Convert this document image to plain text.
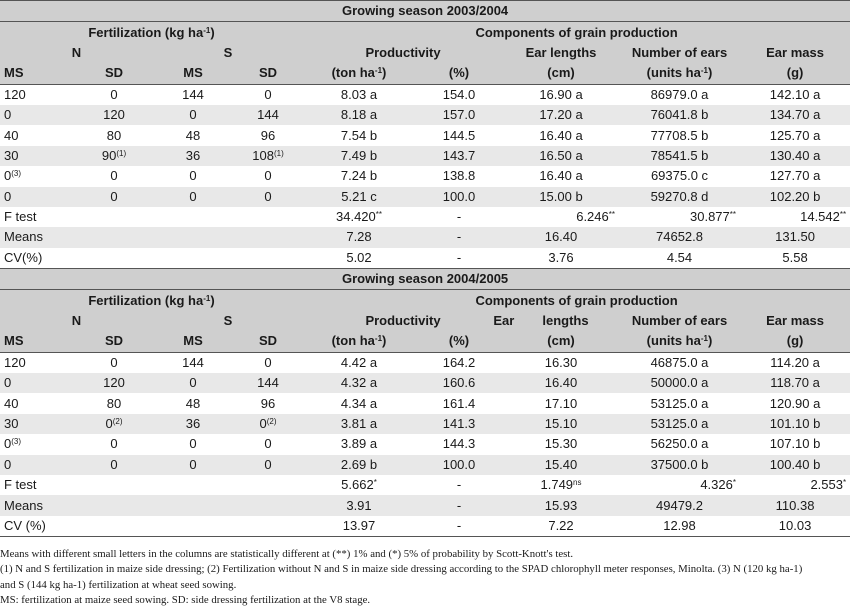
Growing season 2003/2004								
Fertilization (kg $ha^{-1}$)				Components of grain production				
N		S		Productivity		Ear lengths	Number of ears	Ear mass
MS	SD	MS	SD	(ton $ha^{-1}$)	(%)	(cm)	(units $ha^{-1}$)	(g)
120	0	144	0	8.03 a	154.0	16.90 a	86979.0 a	142.10 a
0	120	0	144	8.18 a	157.0	17.20 a	76041.8 b	134.70 a
40	80	48	96	7.54 b	144.5	16.40 a	77708.5 b	125.70 a
30	90$^{(1)}$	36	108$^{(1)}$	7.49 b	143.7	16.50 a	78541.5 b	130.40 a
0$^{(3)}$	0	0	0	7.24 b	138.8	16.40 a	69375.0 c	127.70 a
0	0	0	0	5.21 c	100.0	15.00 b	59270.8 d	102.20 b
F test				34.420**	-	6.246**	30.877**	14.542**
Means				7.28	-	16.40	74652.8	131.50
CV(%)				5.02	-	3.76	4.54	5.58
Growing season 2004/2005								
Fertilization (kg $ha^{-1}$)				Components of grain production				
N		S		Productivity		Ear lengths	Number of ears	Ear mass
MS	SD	MS	SD	(ton $ha^{-1}$)	(%)	(cm)	(units $ha^{-1}$)	(g)
120	0	144	0	4.42 a	164.2	16.30	46875.0 a	114.20 a
0	120	0	144	4.32 a	160.6	16.40	50000.0 a	118.70 a
40	80	48	96	4.34 a	161.4	17.10	53125.0 a	120.90 a
30	0$^{(2)}$	36	0$^{(2)}$	3.81 a	141.3	15.10	53125.0 a	101.10 b
0$^{(3)}$	0	0	0	3.89 a	144.3	15.30	56250.0 a	107.10 b
0	0	0	0	2.69 b	100.0	15.40	37500.0 b	100.40 b
F test				5.662*	-	$1.749^{ns}$	4.326*	2.553*
Means				3.91	-	15.93	49479.2	110.38
CV (%)				13.97	-	7.22	12.98	10.03

Means with different small letters in the columns are statistically different at (**) 1% and (*) 5% of probability by Scott-Knott's test.

(1) N and S fertilization in maize side dressing; (2) Fertilization without N and S in maize side dressing according to the SPAD chlorophyll meter responses, Minolta. (3) N (120 kg ha-1)

and S (144 kg ha-1) fertilization at wheat seed sowing.

MS: fertilization at maize seed sowing. SD: side dressing fertilization at the V8 stage.
